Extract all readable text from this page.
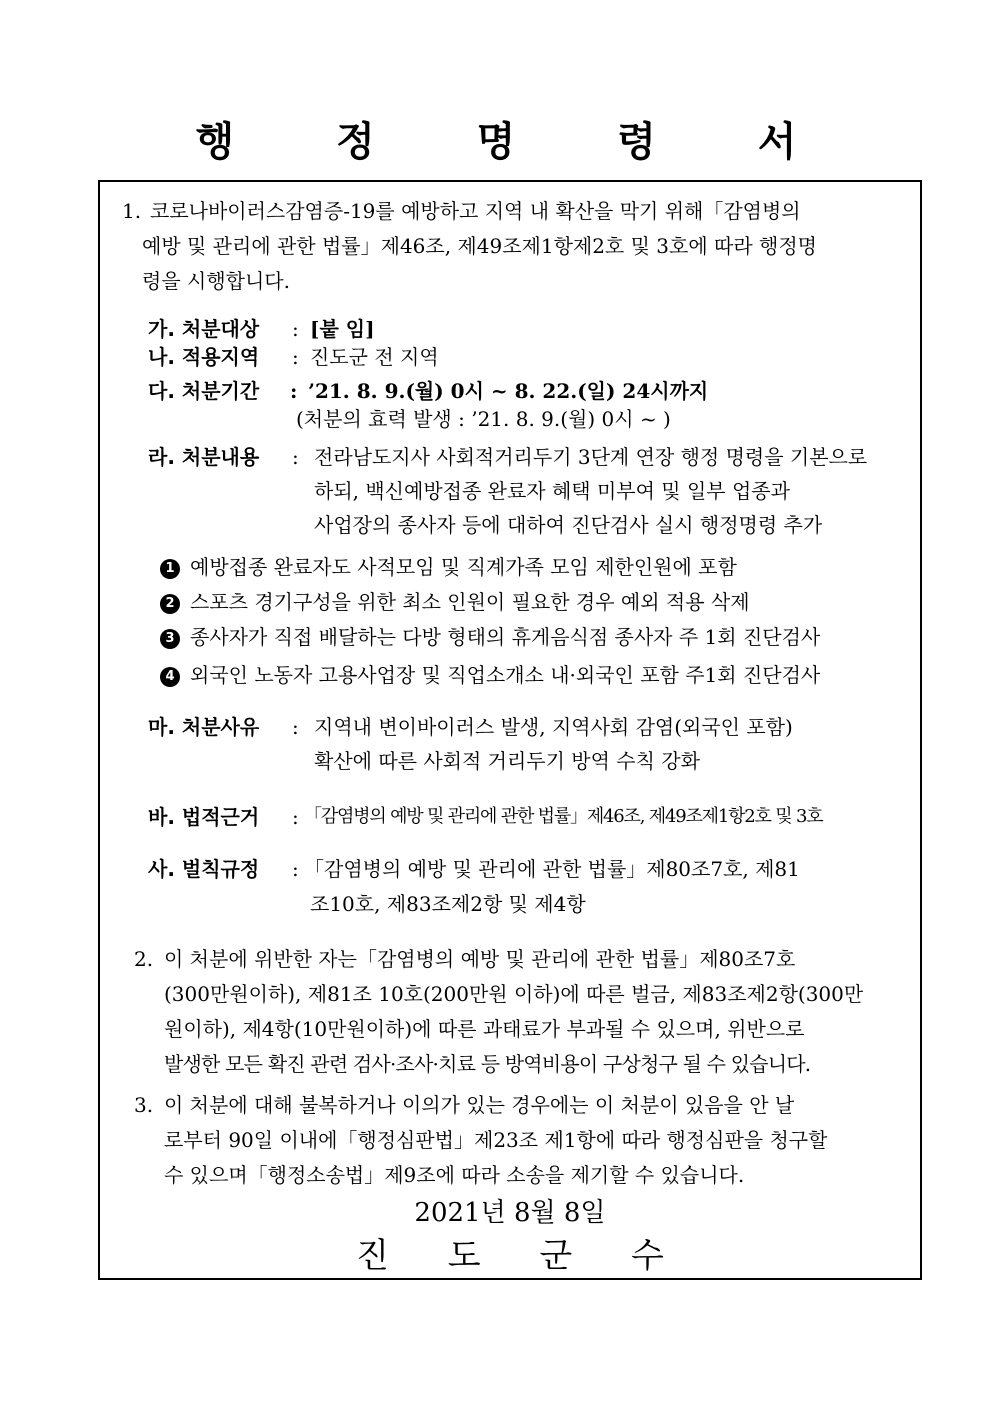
행 정 명 령 서
1. 코로나바이러스감염증-19를 예방하고 지역 내 확산을 막기 위해「감염병의
예방 및 관리에 관한 법률」제46조, 제49조제1항제2호 및 3호에 따라 행정명
령을 시행합니다.
가. 처분대상 : [붙 임]
나. 적용지역 : 진도군 전 지역
다. 처분기간 : ’21. 8. 9.(월) 0시 ~ 8. 22.(일) 24시까지
(처분의 효력 발생 : ’21. 8. 9.(월) 0시 ~ )
라. 처분내용 : 전라남도지사 사회적거리두기 3단계 연장 행정 명령을 기본으로
하되, 백신예방접종 완료자 혜택 미부여 및 일부 업종과
사업장의 종사자 등에 대하여 진단검사 실시 행정명령 추가
1 예방접종 완료자도 사적모임 및 직계가족 모임 제한인원에 포함
2 스포츠 경기구성을 위한 최소 인원이 필요한 경우 예외 적용 삭제
3 종사자가 직접 배달하는 다방 형태의 휴게음식점 종사자 주 1회 진단검사
4 외국인 노동자 고용사업장 및 직업소개소 내·외국인 포함 주1회 진단검사
마. 처분사유 : 지역내 변이바이러스 발생, 지역사회 감염(외국인 포함)
확산에 따른 사회적 거리두기 방역 수칙 강화
바. 법적근거 : 「감염병의 예방 및 관리에 관한 법률」제46조, 제49조제1항2호 및 3호
사. 벌칙규정 : 「감염병의 예방 및 관리에 관한 법률」제80조7호, 제81
조10호, 제83조제2항 및 제4항
2. 이 처분에 위반한 자는「감염병의 예방 및 관리에 관한 법률」제80조7호
(300만원이하), 제81조 10호(200만원 이하)에 따른 벌금, 제83조제2항(300만
원이하), 제4항(10만원이하)에 따른 과태료가 부과될 수 있으며, 위반으로
발생한 모든 확진 관련 검사·조사·치료 등 방역비용이 구상청구 될 수 있습니다.
3. 이 처분에 대해 불복하거나 이의가 있는 경우에는 이 처분이 있음을 안 날
로부터 90일 이내에「행정심판법」제23조 제1항에 따라 행정심판을 청구할
수 있으며「행정소송법」제9조에 따라 소송을 제기할 수 있습니다.
2021년 8월 8일
진 도 군 수
